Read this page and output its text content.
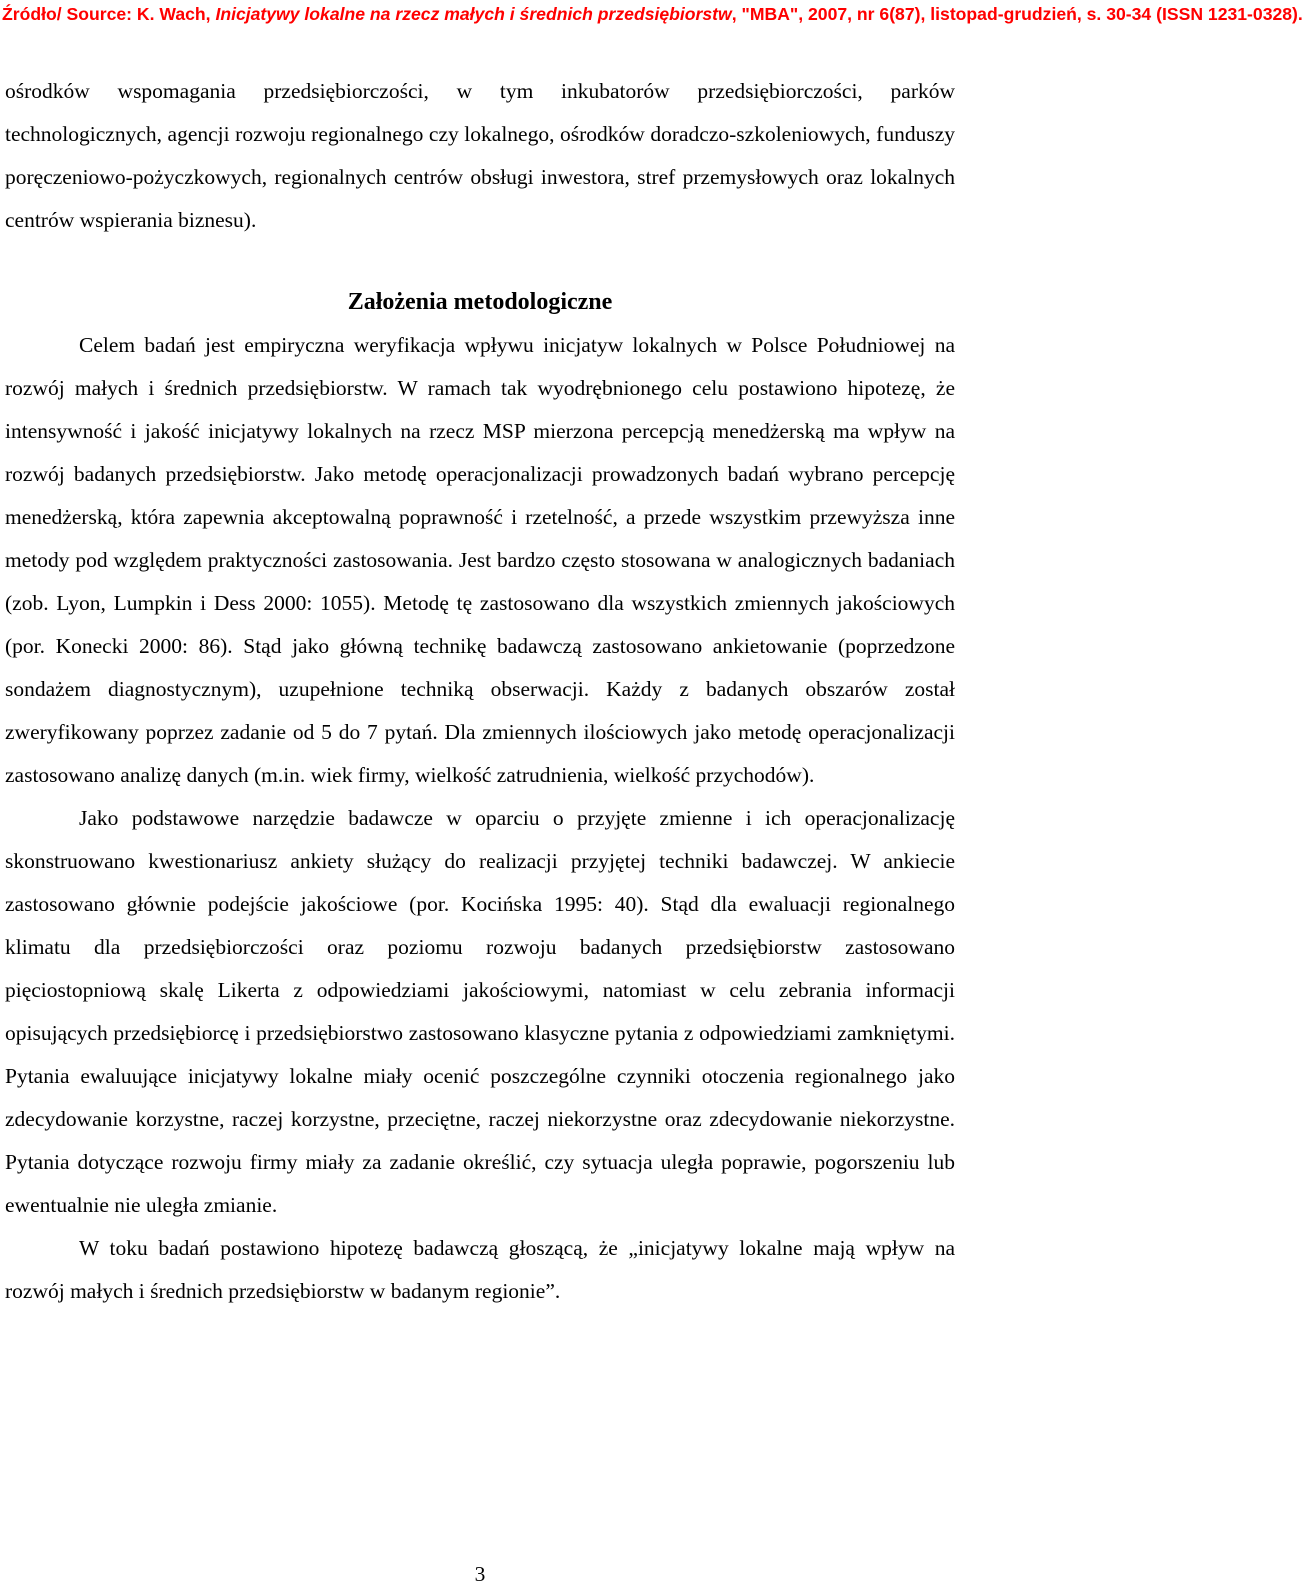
Źródło/ Source: K. Wach, Inicjatywy lokalne na rzecz małych i średnich przedsiębiorstw, "MBA", 2007, nr 6(87), listopad-grudzień, s. 30-34 (ISSN 1231-0328).

ośrodków wspomagania przedsiębiorczości, w tym inkubatorów przedsiębiorczości, parków technologicznych, agencji rozwoju regionalnego czy lokalnego, ośrodków doradczo-szkoleniowych, funduszy poręczeniowo-pożyczkowych, regionalnych centrów obsługi inwestora, stref przemysłowych oraz lokalnych centrów wspierania biznesu).

Założenia metodologiczne

Celem badań jest empiryczna weryfikacja wpływu inicjatyw lokalnych w Polsce Południowej na rozwój małych i średnich przedsiębiorstw. W ramach tak wyodrębnionego celu postawiono hipotezę, że intensywność i jakość inicjatywy lokalnych na rzecz MSP mierzona percepcją menedżerską ma wpływ na rozwój badanych przedsiębiorstw. Jako metodę operacjonalizacji prowadzonych badań wybrano percepcję menedżerską, która zapewnia akceptowalną poprawność i rzetelność, a przede wszystkim przewyższa inne metody pod względem praktyczności zastosowania. Jest bardzo często stosowana w analogicznych badaniach (zob. Lyon, Lumpkin i Dess 2000: 1055). Metodę tę zastosowano dla wszystkich zmiennych jakościowych (por. Konecki 2000: 86). Stąd jako główną technikę badawczą zastosowano ankietowanie (poprzedzone sondażem diagnostycznym), uzupełnione techniką obserwacji. Każdy z badanych obszarów został zweryfikowany poprzez zadanie od 5 do 7 pytań. Dla zmiennych ilościowych jako metodę operacjonalizacji zastosowano analizę danych (m.in. wiek firmy, wielkość zatrudnienia, wielkość przychodów).

Jako podstawowe narzędzie badawcze w oparciu o przyjęte zmienne i ich operacjonalizację skonstruowano kwestionariusz ankiety służący do realizacji przyjętej techniki badawczej. W ankiecie zastosowano głównie podejście jakościowe (por. Kocińska 1995: 40). Stąd dla ewaluacji regionalnego klimatu dla przedsiębiorczości oraz poziomu rozwoju badanych przedsiębiorstw zastosowano pięciostopniową skalę Likerta z odpowiedziami jakościowymi, natomiast w celu zebrania informacji opisujących przedsiębiorcę i przedsiębiorstwo zastosowano klasyczne pytania z odpowiedziami zamkniętymi. Pytania ewaluujące inicjatywy lokalne miały ocenić poszczególne czynniki otoczenia regionalnego jako zdecydowanie korzystne, raczej korzystne, przeciętne, raczej niekorzystne oraz zdecydowanie niekorzystne. Pytania dotyczące rozwoju firmy miały za zadanie określić, czy sytuacja uległa poprawie, pogorszeniu lub ewentualnie nie uległa zmianie.

W toku badań postawiono hipotezę badawczą głoszącą, że „inicjatywy lokalne mają wpływ na rozwój małych i średnich przedsiębiorstw w badanym regionie”.

3
